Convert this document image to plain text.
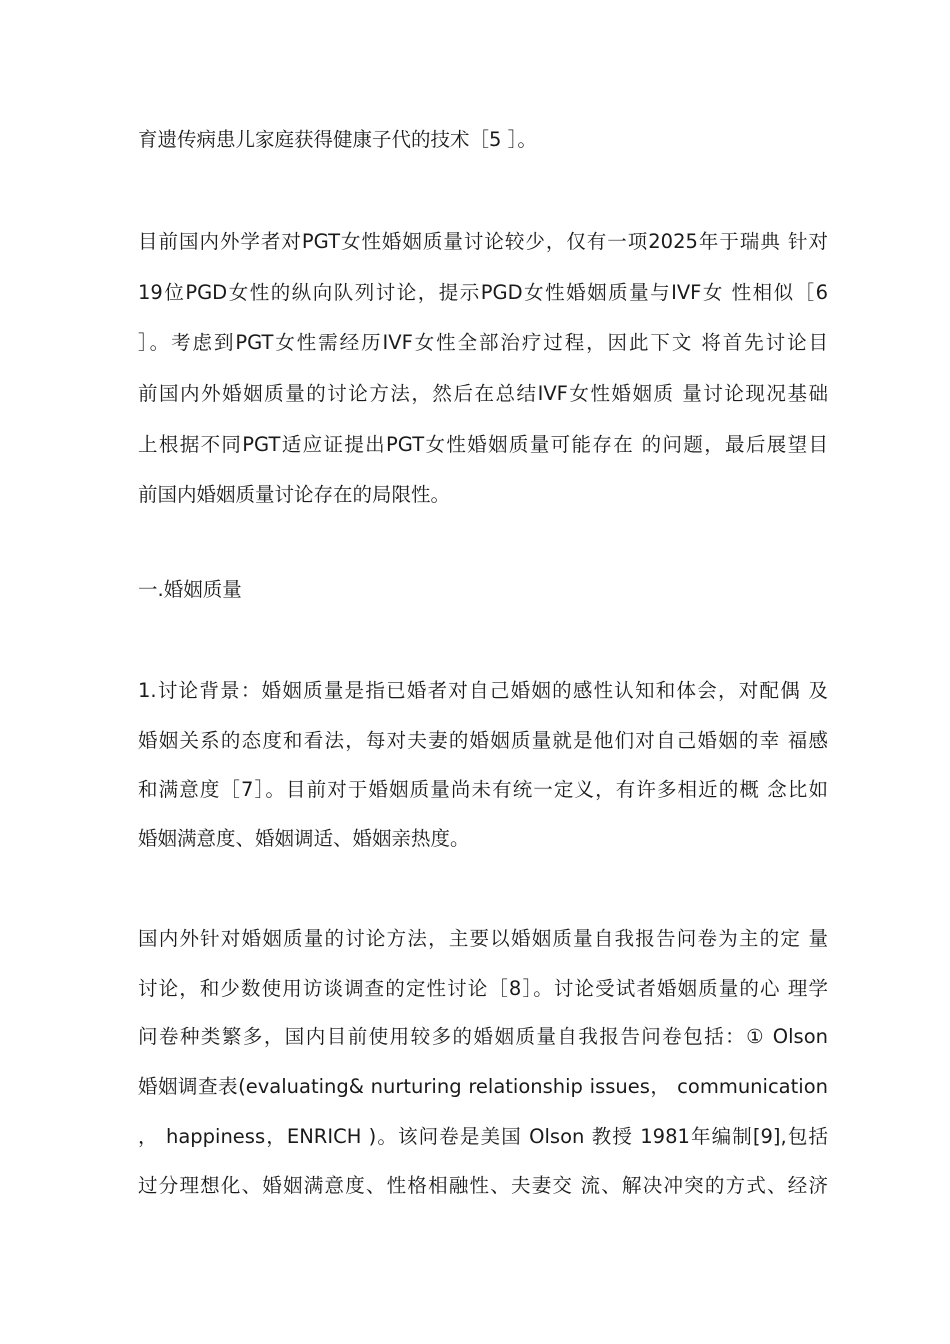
育遗传病患儿家庭获得健康子代的技术［5 ］。
目前国内外学者对PGT女性婚姻质量讨论较少，仅有一项2025年于瑞典 针对
19位PGD女性的纵向队列讨论，提示PGD女性婚姻质量与IVF女 性相似［6
］。考虑到PGT女性需经历IVF女性全部治疗过程，因此下文 将首先讨论目
前国内外婚姻质量的讨论方法，然后在总结IVF女性婚姻质 量讨论现况基础
上根据不同PGT适应证提出PGT女性婚姻质量可能存在 的问题，最后展望目
前国内婚姻质量讨论存在的局限性。
一.婚姻质量
1.讨论背景：婚姻质量是指已婚者对自己婚姻的感性认知和体会，对配偶 及
婚姻关系的态度和看法，每对夫妻的婚姻质量就是他们对自己婚姻的幸 福感
和满意度［7］。目前对于婚姻质量尚未有统一定义，有许多相近的概 念比如
婚姻满意度、婚姻调适、婚姻亲热度。
国内外针对婚姻质量的讨论方法，主要以婚姻质量自我报告问卷为主的定 量
讨论，和少数使用访谈调查的定性讨论［8］。讨论受试者婚姻质量的心 理学
问卷种类繁多，国内目前使用较多的婚姻质量自我报告问卷包括：① Olson
婚姻调查表(evaluating& nurturing relationship issues， communication
， happiness，ENRICH )。该问卷是美国 Olson 教授 1981年编制[9],包括
过分理想化、婚姻满意度、性格相融性、夫妻交 流、解决冲突的方式、经济
